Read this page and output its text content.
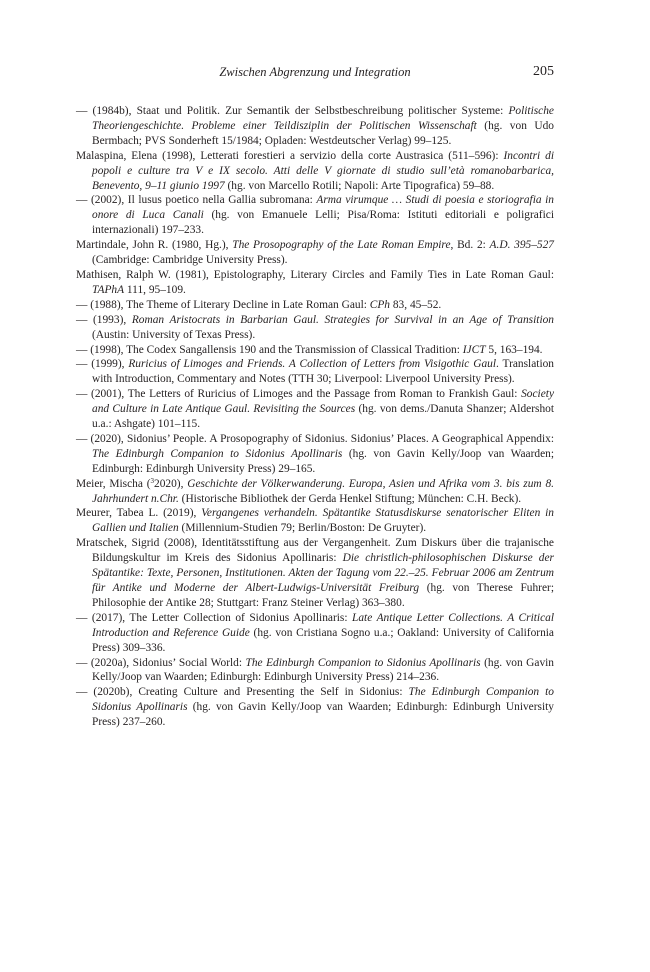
Zwischen Abgrenzung und Integration	205
— (1984b), Staat und Politik. Zur Semantik der Selbstbeschreibung politischer Systeme: Politische Theoriengeschichte. Probleme einer Teildisziplin der Politischen Wissenschaft (hg. von Udo Bermbach; PVS Sonderheft 15/1984; Opladen: Westdeutscher Verlag) 99–125.
Malaspina, Elena (1998), Letterati forestieri a servizio della corte Austrasica (511–596): Incontri di popoli e culture tra V e IX secolo. Atti delle V giornate di studio sull’età romanobarbarica, Benevento, 9–11 giunio 1997 (hg. von Marcello Rotili; Napoli: Arte Tipografica) 59–88.
— (2002), Il lusus poetico nella Gallia subromana: Arma virumque … Studi di poesia e storiografia in onore di Luca Canali (hg. von Emanuele Lelli; Pisa/Roma: Istituti editoriali e poligrafici internazionali) 197–233.
Martindale, John R. (1980, Hg.), The Prosopography of the Late Roman Empire, Bd. 2: A.D. 395–527 (Cambridge: Cambridge University Press).
Mathisen, Ralph W. (1981), Epistolography, Literary Circles and Family Ties in Late Roman Gaul: TAPhA 111, 95–109.
— (1988), The Theme of Literary Decline in Late Roman Gaul: CPh 83, 45–52.
— (1993), Roman Aristocrats in Barbarian Gaul. Strategies for Survival in an Age of Transition (Austin: University of Texas Press).
— (1998), The Codex Sangallensis 190 and the Transmission of Classical Tradition: IJCT 5, 163–194.
— (1999), Ruricius of Limoges and Friends. A Collection of Letters from Visigothic Gaul. Translation with Introduction, Commentary and Notes (TTH 30; Liverpool: Liverpool University Press).
— (2001), The Letters of Ruricius of Limoges and the Passage from Roman to Frankish Gaul: Society and Culture in Late Antique Gaul. Revisiting the Sources (hg. von dems./Danuta Shanzer; Aldershot u.a.: Ashgate) 101–115.
— (2020), Sidonius’ People. A Prosopography of Sidonius. Sidonius’ Places. A Geographical Appendix: The Edinburgh Companion to Sidonius Apollinaris (hg. von Gavin Kelly/Joop van Waarden; Edinburgh: Edinburgh University Press) 29–165.
Meier, Mischa ($^3$2020), Geschichte der Völkerwanderung. Europa, Asien und Afrika vom 3. bis zum 8. Jahrhundert n.Chr. (Historische Bibliothek der Gerda Henkel Stiftung; München: C.H. Beck).
Meurer, Tabea L. (2019), Vergangenes verhandeln. Spätantike Statusdiskurse senatorischer Eliten in Gallien und Italien (Millennium-Studien 79; Berlin/Boston: De Gruyter).
Mratschek, Sigrid (2008), Identitätsstiftung aus der Vergangenheit. Zum Diskurs über die trajanische Bildungskultur im Kreis des Sidonius Apollinaris: Die christlich-philosophischen Diskurse der Spätantike: Texte, Personen, Institutionen. Akten der Tagung vom 22.–25. Februar 2006 am Zentrum für Antike und Moderne der Albert-Ludwigs-Universität Freiburg (hg. von Therese Fuhrer; Philosophie der Antike 28; Stuttgart: Franz Steiner Verlag) 363–380.
— (2017), The Letter Collection of Sidonius Apollinaris: Late Antique Letter Collections. A Critical Introduction and Reference Guide (hg. von Cristiana Sogno u.a.; Oakland: University of California Press) 309–336.
— (2020a), Sidonius’ Social World: The Edinburgh Companion to Sidonius Apollinaris (hg. von Gavin Kelly/Joop van Waarden; Edinburgh: Edinburgh University Press) 214–236.
— (2020b), Creating Culture and Presenting the Self in Sidonius: The Edinburgh Companion to Sidonius Apollinaris (hg. von Gavin Kelly/Joop van Waarden; Edinburgh: Edinburgh University Press) 237–260.
